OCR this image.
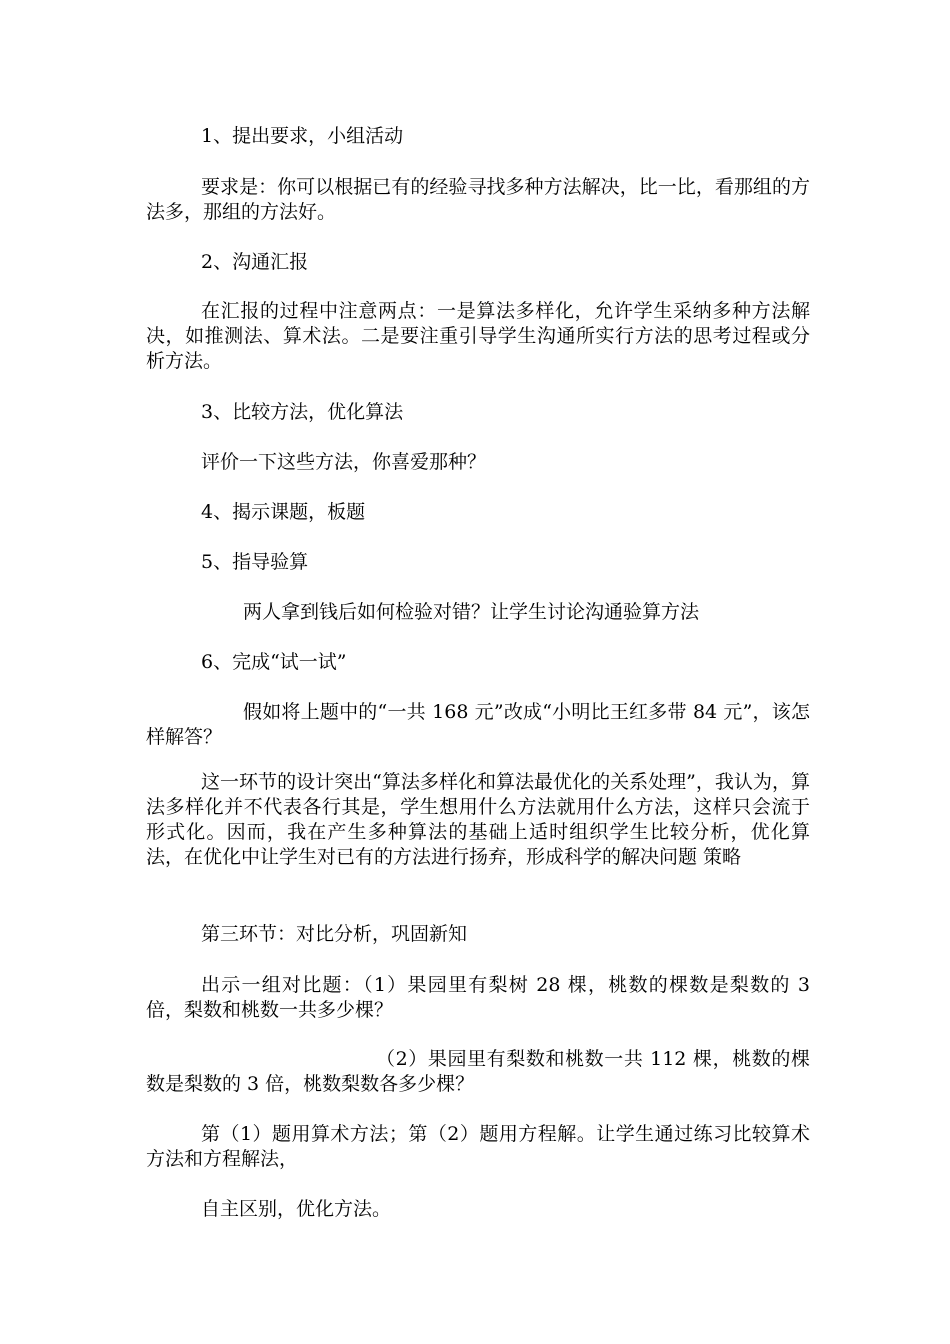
1、提出要求，小组活动

要求是：你可以根据已有的经验寻找多种方法解决，比一比，看那组的方法多，那组的方法好。

2、沟通汇报

在汇报的过程中注意两点：一是算法多样化，允许学生采纳多种方法解决，如推测法、算术法。二是要注重引导学生沟通所实行方法的思考过程或分析方法。

3、比较方法，优化算法

评价一下这些方法，你喜爱那种？

4、揭示课题，板题

5、指导验算

两人拿到钱后如何检验对错？让学生讨论沟通验算方法

6、完成“试一试”

假如将上题中的“一共 168 元”改成“小明比王红多带 84 元”，该怎样解答？

这一环节的设计突出“算法多样化和算法最优化的关系处理”，我认为，算法多样化并不代表各行其是，学生想用什么方法就用什么方法，这样只会流于形式化。因而，我在产生多种算法的基础上适时组织学生比较分析，优化算法，在优化中让学生对已有的方法进行扬弃，形成科学的解决问题 策略

第三环节：对比分析，巩固新知

出示一组对比题：（1）果园里有梨树 28 棵，桃数的棵数是梨数的 3 倍，梨数和桃数一共多少棵？

（2）果园里有梨数和桃数一共 112 棵，桃数的棵数是梨数的 3 倍，桃数梨数各多少棵？

第（1）题用算术方法；第（2）题用方程解。让学生通过练习比较算术方法和方程解法，

自主区别，优化方法。
